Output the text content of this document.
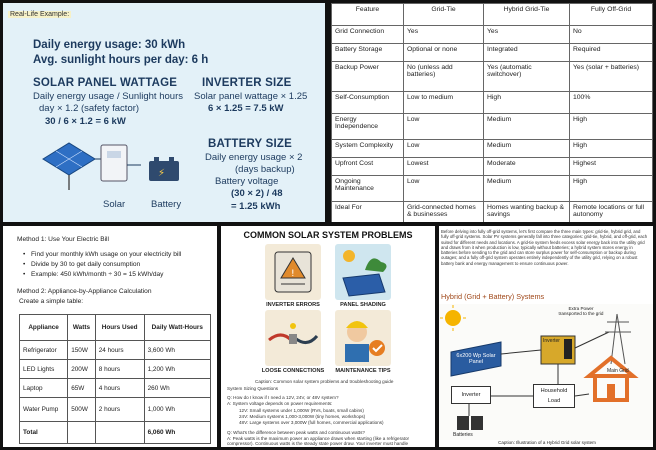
Real-Life Example:
Daily energy usage: 30 kWh
Avg. sunlight hours per day: 6 h
SOLAR PANEL WATTAGE
Daily energy usage / Sunlight hours
day × 1.2 (safety factor)
30 / 6 × 1.2 = 6 kW
INVERTER SIZE
Solar panel wattage × 1.25
6 × 1.25 = 7.5 kW
BATTERY SIZE
Daily energy usage × 2
(days backup)
Battery voltage
(30 × 2) / 48
= 1.25 kWh
⚡
Solar	Battery
Feature	Grid-Tie	Hybrid Grid-Tie	Fully Off-Grid
Grid Connection	Yes	Yes	No
Battery Storage	Optional or none	Integrated	Required
Backup Power	No (unless add batteries)	Yes (automatic switchover)	Yes (solar + batteries)
Self-Consumption	Low to medium	High	100%
Energy Independence	Low	Medium	High
System Complexity	Low	Medium	High
Upfront Cost	Lowest	Moderate	Highest
Ongoing Maintenance	Low	Medium	High
Ideal For	Grid-connected homes & businesses	Homes wanting backup & savings	Remote locations or full autonomy
Method 1: Use Your Electric Bill
• Find your monthly kWh usage on your electricity bill
• Divide by 30 to get daily consumption
• Example: 450 kWh/month ÷ 30 = 15 kWh/day
Method 2: Appliance-by-Appliance Calculation
Create a simple table:
Appliance	Watts	Hours Used	Daily Watt-Hours
Refrigerator	150W	24 hours	3,600 Wh
LED Lights	200W	8 hours	1,200 Wh
Laptop	65W	4 hours	260 Wh
Water Pump	500W	2 hours	1,000 Wh
Total			6,060 Wh
COMMON SOLAR SYSTEM PROBLEMS
!
INVERTER ERRORS	PANEL SHADING
LOOSE CONNECTIONS	MAINTENANCE TIPS
Caption: Common solar system problems and troubleshooting guide
System Sizing Questions
Q: How do I know if I need a 12V, 24V, or 48V system?
A: System voltage depends on power requirements:
12V: Small systems under 1,000W (RVs, boats, small cabins)
24V: Medium systems 1,000-3,000W (tiny homes, workshops)
48V: Large systems over 3,000W (full homes, commercial applications)
Q: What's the difference between peak watts and continuous watts?
A: Peak watts is the maximum power an appliance draws when starting (like a refrigerator compressor). Continuous watts is the steady state power draw. Your inverter must handle
Before delving into fully off-grid systems, let's first compare the three main types: grid-tie, hybrid grid, and fully off-grid systems. Solar PV systems generally fall into three categories: grid-tie, hybrid, and off-grid, each suited for different needs and locations. A grid-tie system feeds excess solar energy back into the utility grid and draws from it when production is low, typically without batteries; a hybrid system stores energy in batteries before sending to the grid and can store surplus power for self-consumption or backup during outages; and a fully off-grid system operates entirely independently of the utility grid, relying on a robust battery bank and energy management to ensure continuous power.
Hybrid (Grid + Battery) Systems
6x200 Wp Solar Panel
Inverter
Extra Power transported to the grid
Main Grid
Inverter
Household Load
Batteries
Caption: Illustration of a Hybrid Grid solar system
